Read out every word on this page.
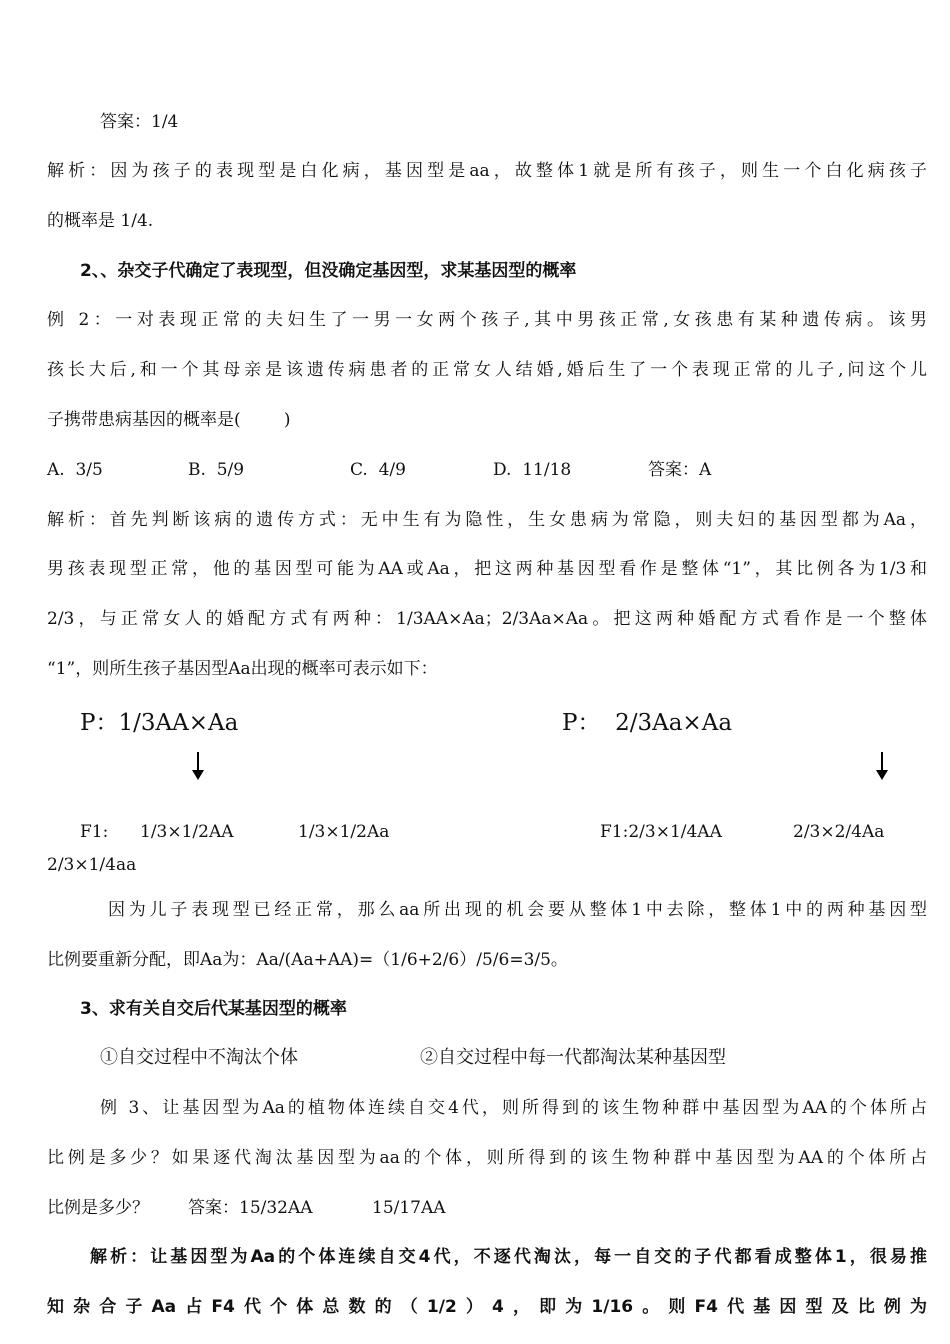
答案：1/4
解析：因为孩子的表现型是白化病，基因型是aa，故整体1就是所有孩子，则生一个白化病孩子
的概率是 1/4.
2、、杂交子代确定了表现型，但没确定基因型，求某基因型的概率
例 2：一对表现正常的夫妇生了一男一女两个孩子,其中男孩正常,女孩患有某种遗传病。该男
孩长大后,和一个其母亲是该遗传病患者的正常女人结婚,婚后生了一个表现正常的儿子,问这个儿
子携带患病基因的概率是(        )
A.  3/5	B.  5/9	C.  4/9	D.  11/18	答案：A
解析：首先判断该病的遗传方式：无中生有为隐性，生女患病为常隐，则夫妇的基因型都为Aa，
男孩表现型正常，他的基因型可能为AA或Aa，把这两种基因型看作是整体“1”，其比例各为1/3和
2/3，与正常女人的婚配方式有两种：1/3AA×Aa；2/3Aa×Aa。把这两种婚配方式看作是一个整体
“1”，则所生孩子基因型Aa出现的概率可表示如下：
P：1/3AA×Aa	P：  2/3Aa×Aa
F1: 1/3×1/2AA	1/3×1/2Aa	F1:2/3×1/4AA	2/3×2/4Aa
2/3×1/4aa
因为儿子表现型已经正常，那么aa所出现的机会要从整体1中去除，整体1中的两种基因型
比例要重新分配，即Aa为：Aa/(Aa+AA)=（1/6+2/6）/5/6=3/5。
3、求有关自交后代某基因型的概率
①自交过程中不淘汰个体	②自交过程中每一代都淘汰某种基因型
例 3、让基因型为Aa的植物体连续自交4代，则所得到的该生物种群中基因型为AA的个体所占
比例是多少？如果逐代淘汰基因型为aa的个体，则所得到的该生物种群中基因型为AA的个体所占
比例是多少？ 答案：15/32AA	15/17AA
解析：让基因型为Aa的个体连续自交4代，不逐代淘汰，每一自交的子代都看成整体1，很易推
知杂合子Aa占F4代个体总数的（1/2）4，即为1/16。则F4代基因型及比例为
